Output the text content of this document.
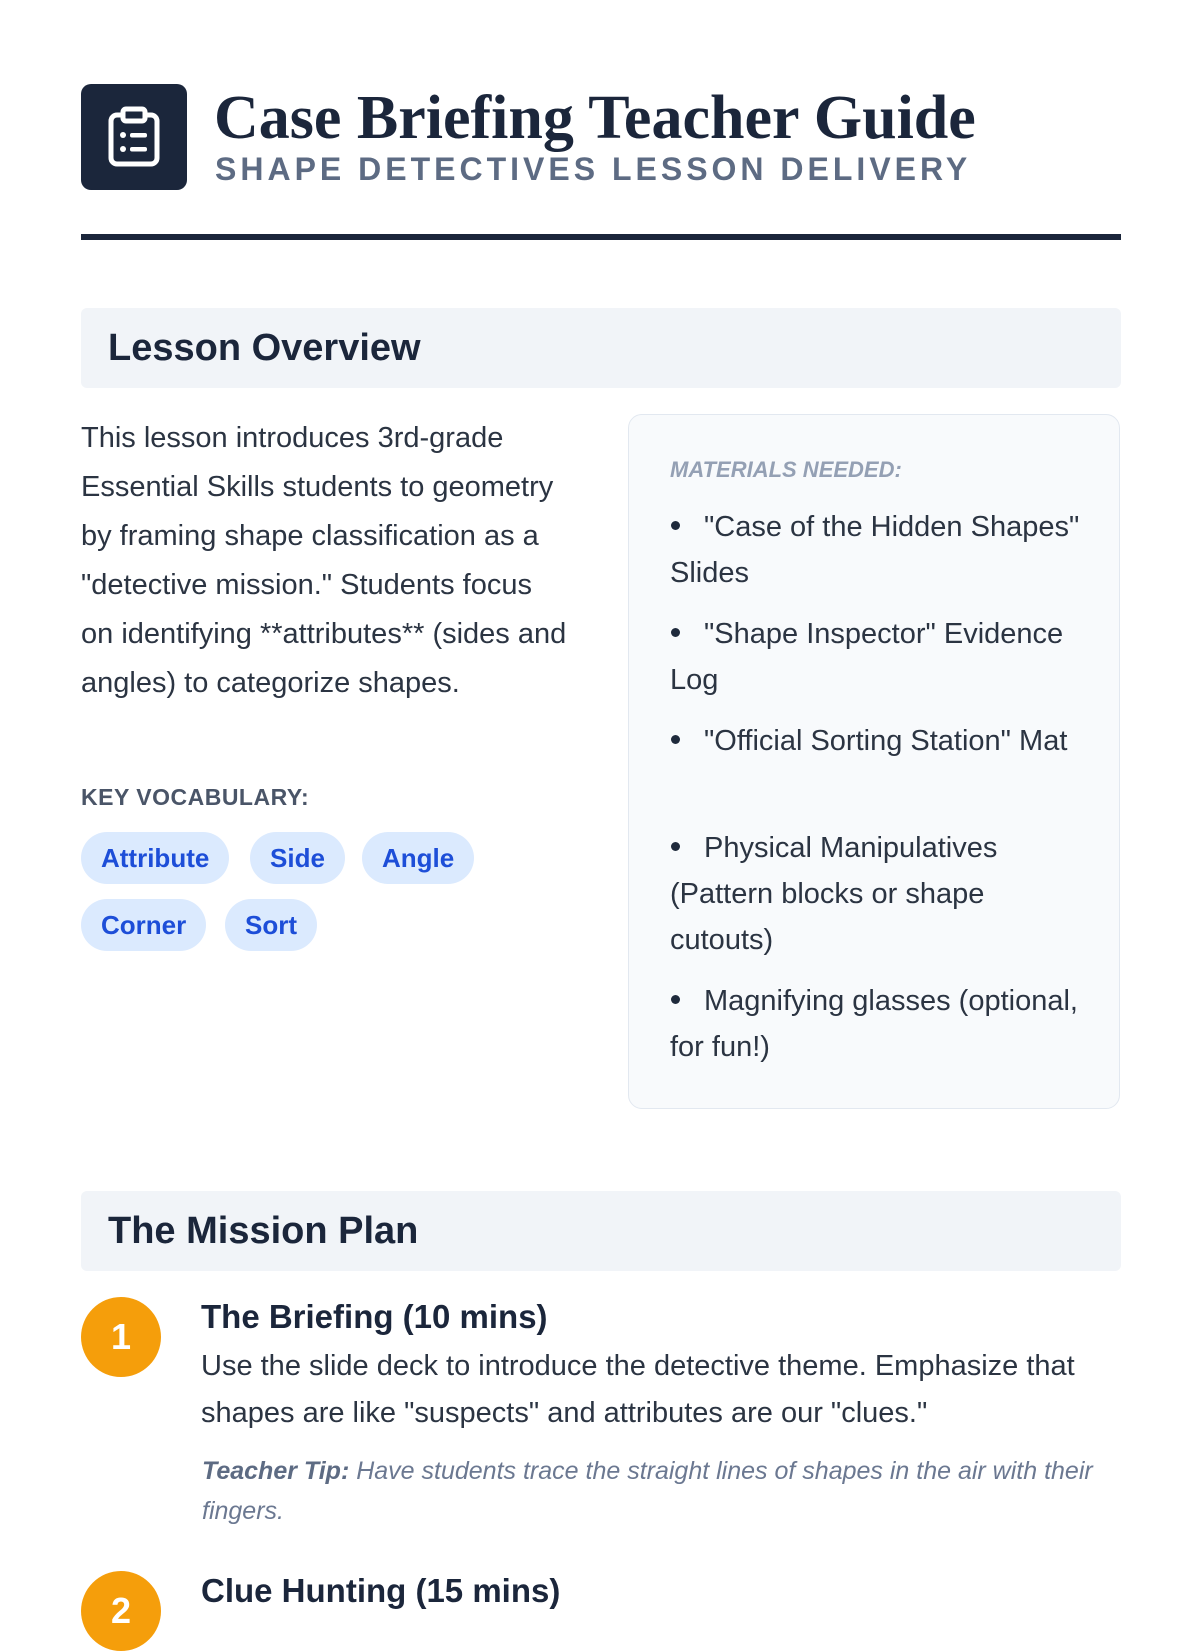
Case Briefing Teacher Guide
SHAPE DETECTIVES LESSON DELIVERY
Lesson Overview
This lesson introduces 3rd-grade Essential Skills students to geometry by framing shape classification as a "detective mission." Students focus on identifying **attributes** (sides and angles) to categorize shapes.
KEY VOCABULARY:
Attribute	Side	Angle
Corner	Sort
MATERIALS NEEDED:
"Case of the Hidden Shapes" Slides
"Shape Inspector" Evidence Log
"Official Sorting Station" Mat
Physical Manipulatives (Pattern blocks or shape cutouts)
Magnifying glasses (optional, for fun!)
The Mission Plan
1	The Briefing (10 mins)
Use the slide deck to introduce the detective theme. Emphasize that shapes are like "suspects" and attributes are our "clues."
Teacher Tip: Have students trace the straight lines of shapes in the air with their fingers.
2	Clue Hunting (15 mins)
